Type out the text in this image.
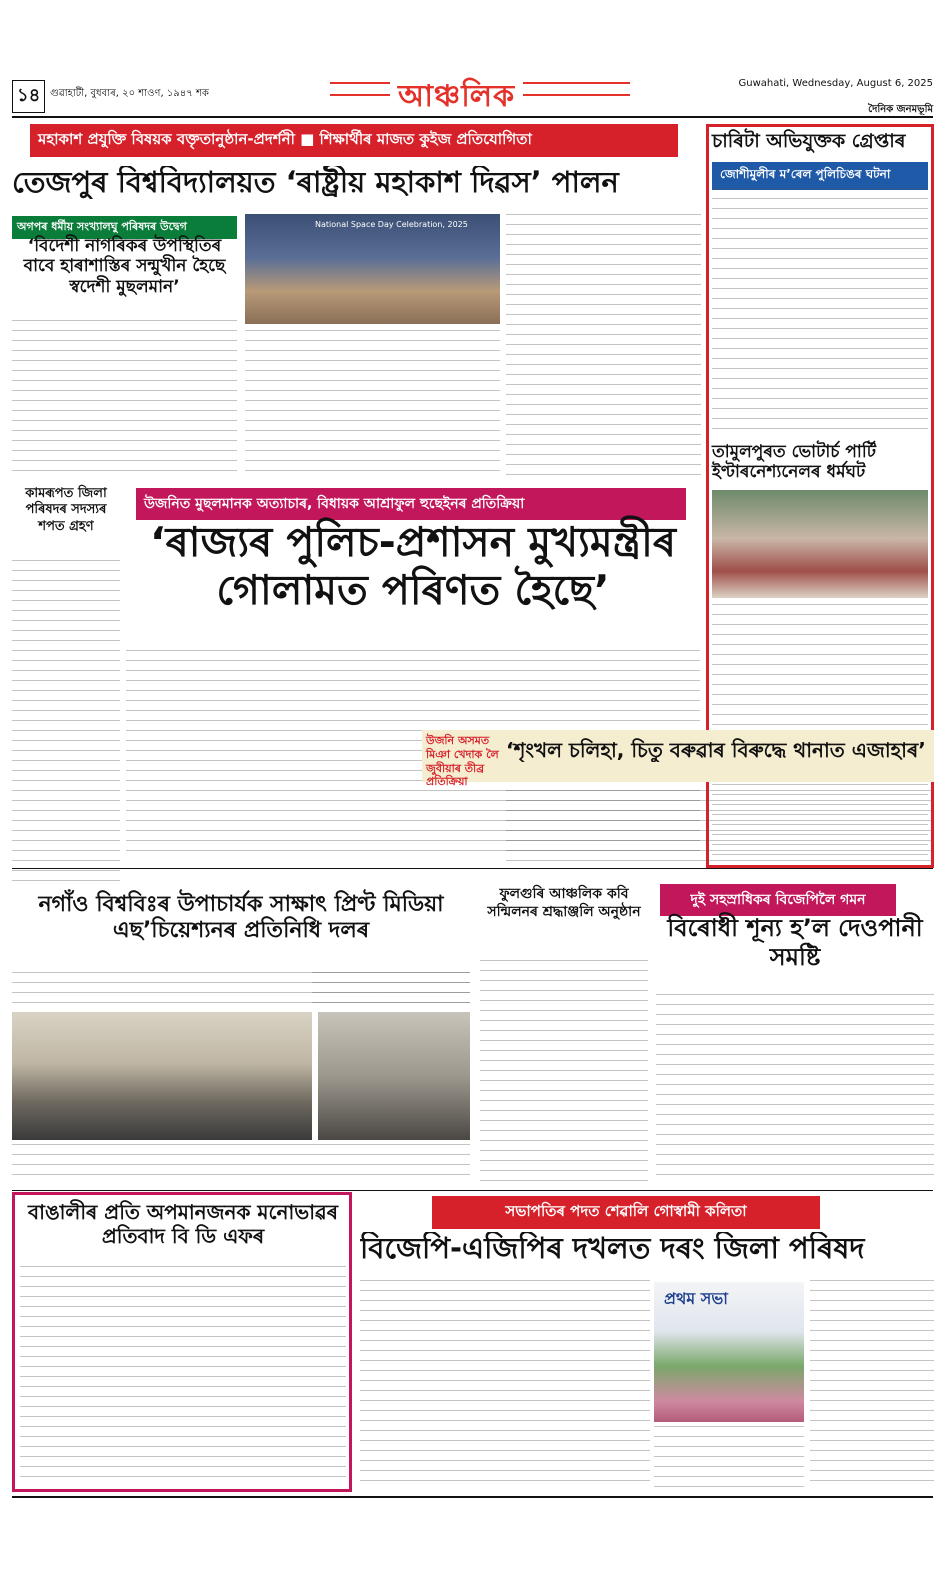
১৪ গুৱাহাটী, বুধবাৰ, ২০ শাওণ, ১৯৪৭ শক	আঞ্চলিক	Guwahati, Wednesday, August 6, 2025
দৈনিক জনমভূমি
মহাকাশ প্ৰযুক্তি বিষয়ক বক্তৃতানুষ্ঠান-প্ৰদৰ্শনী ■ শিক্ষাৰ্থীৰ মাজত কুইজ প্ৰতিযোগিতা
তেজপুৰ বিশ্ববিদ্যালয়ত ‘ৰাষ্ট্ৰীয় মহাকাশ দিৱস’ পালন
National Space Day Celebration, 2025
অগপৰ ধৰ্মীয় সংখ্যালঘু পৰিষদৰ উদ্বেগ
‘বিদেশী নাগৰিকৰ উপস্থিতিৰ বাবে হাৰাশাস্তিৰ সন্মুখীন হৈছে স্বদেশী মুছলমান’
কামৰূপত জিলা পৰিষদৰ সদস্যৰ শপত গ্ৰহণ
চাৰিটা অভিযুক্তক গ্ৰেপ্তাৰ
জোশীমুলীৰ ম’ৰেল পুলিচিঙৰ ঘটনা
তামুলপুৰত ভোটাৰ্চ পাৰ্টি ইণ্টাৰনেশ্যনেলৰ ধৰ্মঘট
উজনিত মুছলমানক অত্যাচাৰ, বিধায়ক আশ্ৰাফুল হুছেইনৰ প্ৰতিক্ৰিয়া
‘ৰাজ্যৰ পুলিচ-প্ৰশাসন মুখ্যমন্ত্ৰীৰ গোলামত পৰিণত হৈছে’
উজনি অসমত মিঞা খেদাক লৈ জুবীয়াৰ তীব্ৰ প্ৰতিক্ৰিয়া
‘শৃংখল চলিহা, চিতু বৰুৱাৰ বিৰুদ্ধে থানাত এজাহাৰ’
নগাঁও বিশ্ববিঃৰ উপাচাৰ্যক সাক্ষাৎ প্ৰিণ্ট মিডিয়া এছ’চিয়েশ্যনৰ প্ৰতিনিধি দলৰ
ফুলগুৰি আঞ্চলিক কবি সন্মিলনৰ শ্ৰদ্ধাঞ্জলি অনুষ্ঠান
দুই সহস্ৰাধিকৰ বিজেপিলৈ গমন
বিৰোধী শূন্য হ’ল দেওপানী সমষ্টি
বাঙালীৰ প্ৰতি অপমানজনক মনোভাৱৰ প্ৰতিবাদ বি ডি এফৰ
সভাপতিৰ পদত শেৱালি গোস্বামী কলিতা
বিজেপি-এজিপিৰ দখলত দৰং জিলা পৰিষদ
প্ৰথম সভা
